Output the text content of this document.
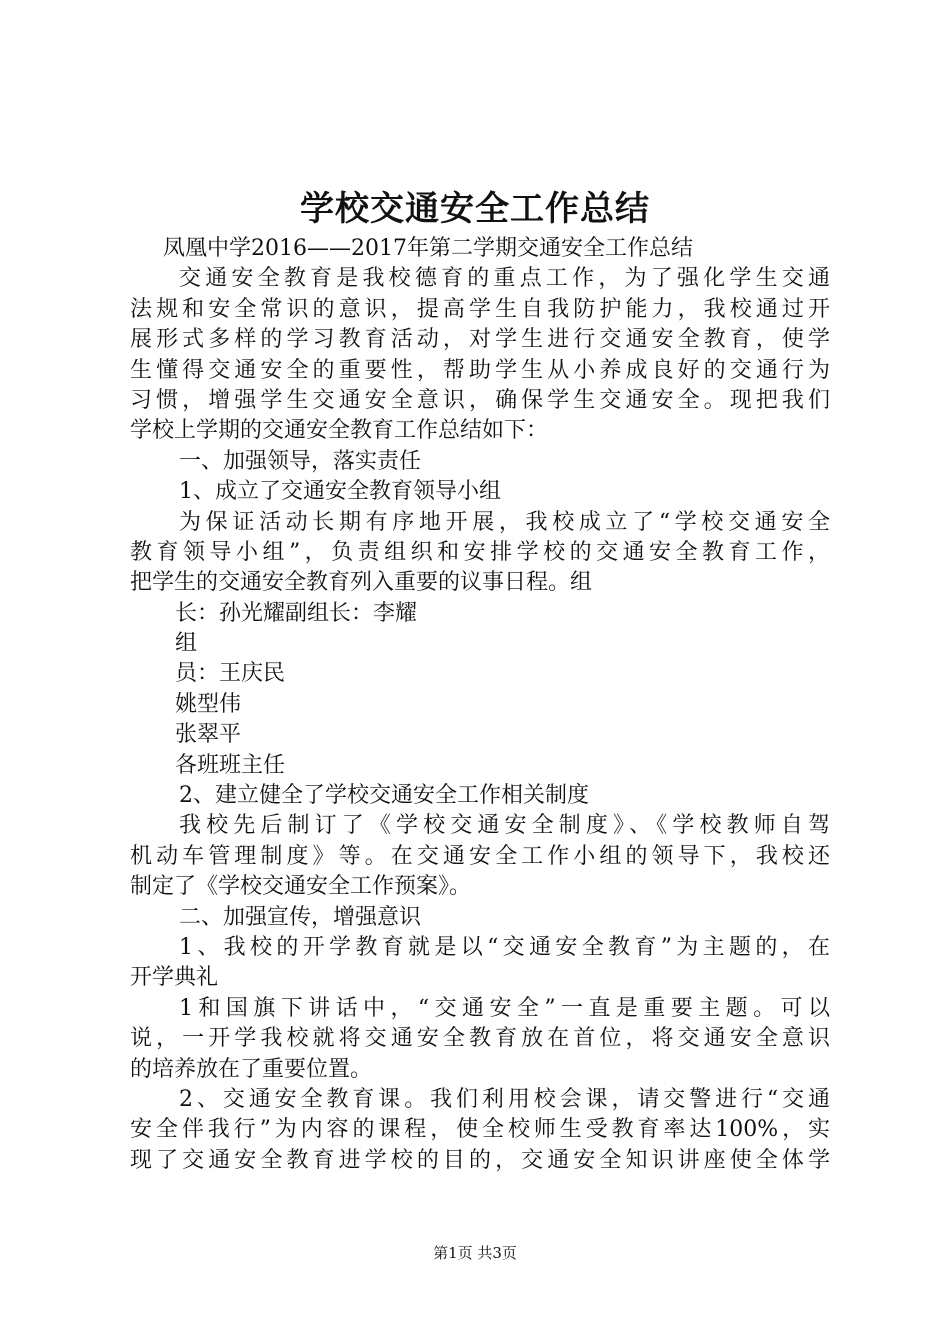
学校交通安全工作总结
凤凰中学2016——2017年第二学期交通安全工作总结
交通安全教育是我校德育的重点工作，为了强化学生交通
法规和安全常识的意识，提高学生自我防护能力，我校通过开
展形式多样的学习教育活动，对学生进行交通安全教育，使学
生懂得交通安全的重要性，帮助学生从小养成良好的交通行为
习惯，增强学生交通安全意识，确保学生交通安全。现把我们
学校上学期的交通安全教育工作总结如下：
一、加强领导，落实责任
1、成立了交通安全教育领导小组
为保证活动长期有序地开展，我校成立了“学校交通安全
教育领导小组”，负责组织和安排学校的交通安全教育工作，
把学生的交通安全教育列入重要的议事日程。组
长：孙光耀副组长：李耀
组
员：王庆民
姚型伟
张翠平
各班班主任
2、建立健全了学校交通安全工作相关制度
我校先后制订了《学校交通安全制度》、《学校教师自驾
机动车管理制度》等。在交通安全工作小组的领导下，我校还
制定了《学校交通安全工作预案》。
二、加强宣传，增强意识
1、我校的开学教育就是以“交通安全教育”为主题的，在
开学典礼
1和国旗下讲话中，“交通安全”一直是重要主题。可以
说，一开学我校就将交通安全教育放在首位，将交通安全意识
的培养放在了重要位置。
2、交通安全教育课。我们利用校会课，请交警进行“交通
安全伴我行”为内容的课程，使全校师生受教育率达100%，实
现了交通安全教育进学校的目的，交通安全知识讲座使全体学
第1页 共3页
